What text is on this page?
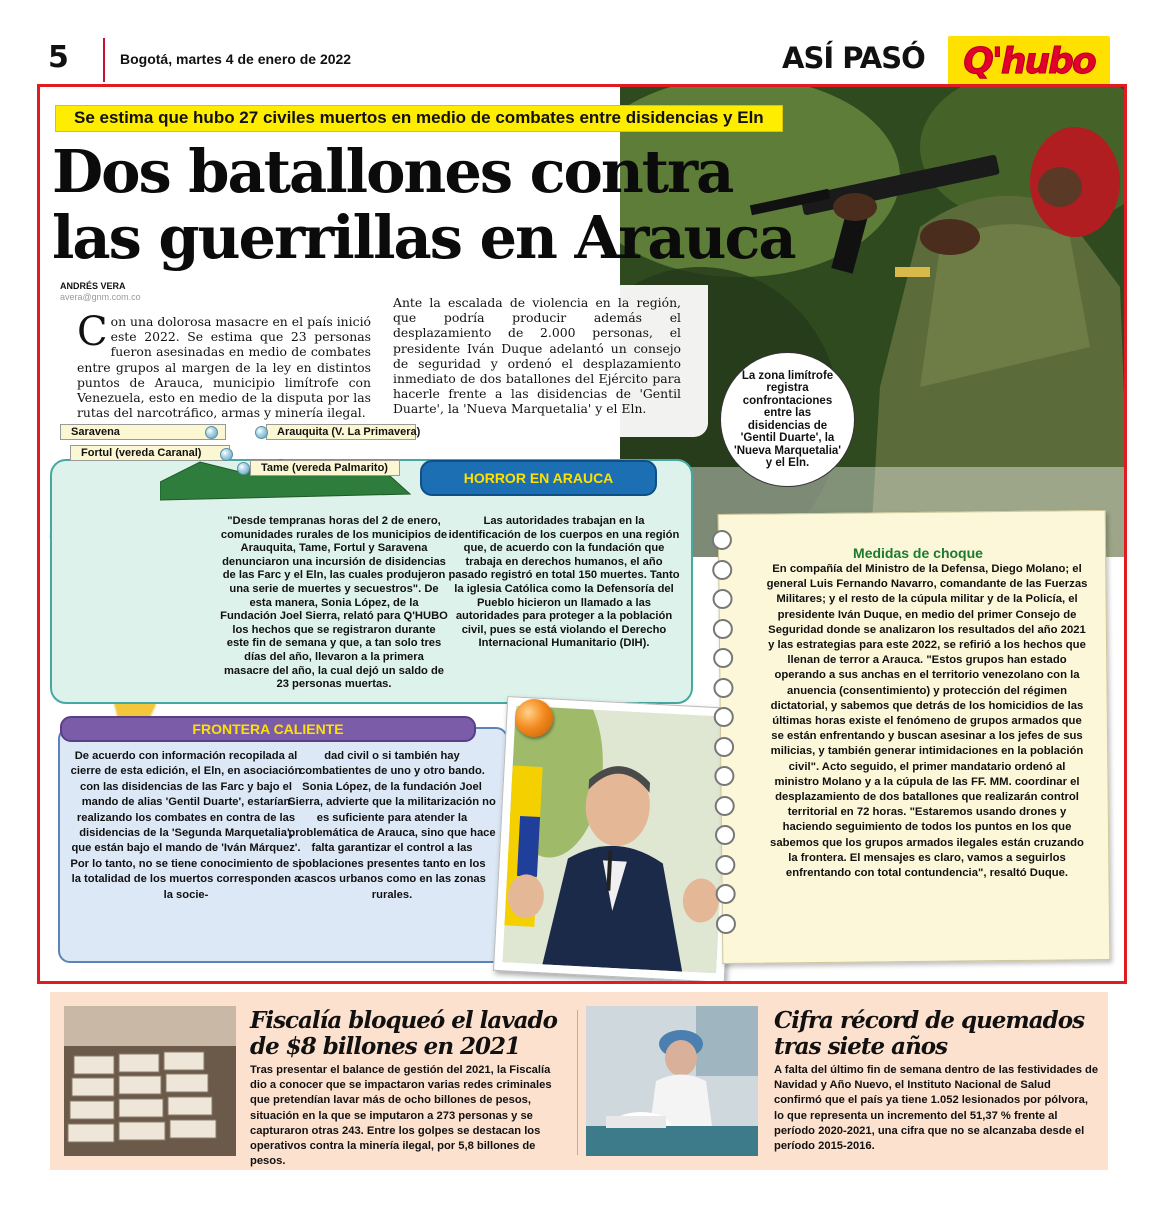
5	Bogotá, martes 4 de enero de 2022	ASÍ PASÓ Q'hubo
Se estima que hubo 27 civiles muertos en medio de combates entre disidencias y Eln
Dos batallones contra
las guerrillas en Arauca
ANDRÉS VERA
avera@gnm.com.co
Con una dolorosa masacre en el país inició este 2022. Se estima que 23 personas fueron asesinadas en medio de combates entre grupos al margen de la ley en distintos puntos de Arauca, municipio limítrofe con Venezuela, esto en medio de la disputa por las rutas del narcotráfico, armas y minería ilegal.
Ante la escalada de violencia en la región, que podría producir además el desplazamiento de 2.000 personas, el presidente Iván Duque adelantó un consejo de seguridad y ordenó el desplazamiento inmediato de dos batallones del Ejército para hacerle frente a las disidencias de 'Gentil Duarte', la 'Nueva Marquetalia' y el Eln.
La zona limítrofe registra confrontaciones entre las disidencias de 'Gentil Duarte', la 'Nueva Marquetalia' y el Eln.
HORROR EN ARAUCA
"Desde tempranas horas del 2 de enero, comunidades rurales de los municipios de Arauquita, Tame, Fortul y Saravena denunciaron una incursión de disidencias de las Farc y el Eln, las cuales produjeron una serie de muertes y secuestros". De esta manera, Sonia López, de la Fundación Joel Sierra, relató para Q'HUBO los hechos que se registraron durante este fin de semana y que, a tan solo tres días del año, llevaron a la primera masacre del año, la cual dejó un saldo de 23 personas muertas.
Las autoridades trabajan en la identificación de los cuerpos en una región que, de acuerdo con la fundación que trabaja en derechos humanos, el año pasado registró en total 150 muertes. Tanto la iglesia Católica como la Defensoría del Pueblo hicieron un llamado a las autoridades para proteger a la población civil, pues se está violando el Derecho Internacional Humanitario (DIH).
Saravena	Arauquita (V. La Primavera)
Fortul (vereda Caranal)
Tame (vereda Palmarito)
FRONTERA CALIENTE
De acuerdo con información recopilada al cierre de esta edición, el Eln, en asociación con las disidencias de las Farc y bajo el mando de alias 'Gentil Duarte', estarían realizando los combates en contra de las disidencias de la 'Segunda Marquetalia', que están bajo el mando de 'Iván Márquez'. Por lo tanto, no se tiene conocimiento de si la totalidad de los muertos corresponden a la socie-
dad civil o si también hay combatientes de uno y otro bando. Sonia López, de la fundación Joel Sierra, advierte que la militarización no es suficiente para atender la problemática de Arauca, sino que hace falta garantizar el control a las poblaciones presentes tanto en los cascos urbanos como en las zonas rurales.
Medidas de choque
En compañía del Ministro de la Defensa, Diego Molano; el general Luis Fernando Navarro, comandante de las Fuerzas Militares; y el resto de la cúpula militar y de la Policía, el presidente Iván Duque, en medio del primer Consejo de Seguridad donde se analizaron los resultados del año 2021 y las estrategias para este 2022, se refirió a los hechos que llenan de terror a Arauca. "Estos grupos han estado operando a sus anchas en el territorio venezolano con la anuencia (consentimiento) y protección del régimen dictatorial, y sabemos que detrás de los homicidios de las últimas horas existe el fenómeno de grupos armados que se están enfrentando y buscan asesinar a los jefes de sus milicias, y también generar intimidaciones en la población civil". Acto seguido, el primer mandatario ordenó al ministro Molano y a la cúpula de las FF. MM. coordinar el desplazamiento de dos batallones que realizarán control territorial en 72 horas. "Estaremos usando drones y haciendo seguimiento de todos los puntos en los que sabemos que los grupos armados ilegales están cruzando la frontera. El mensajes es claro, vamos a seguirlos enfrentando con total contundencia", resaltó Duque.
Fiscalía bloqueó el lavado de $8 billones en 2021
Tras presentar el balance de gestión del 2021, la Fiscalía dio a conocer que se impactaron varias redes criminales que pretendían lavar más de ocho billones de pesos, situación en la que se imputaron a 273 personas y se capturaron otras 243. Entre los golpes se destacan los operativos contra la minería ilegal, por 5,8 billones de pesos.
Cifra récord de quemados tras siete años
A falta del último fin de semana dentro de las festividades de Navidad y Año Nuevo, el Instituto Nacional de Salud confirmó que el país ya tiene 1.052 lesionados por pólvora, lo que representa un incremento del 51,37 % frente al período 2020-2021, una cifra que no se alcanzaba desde el período 2015-2016.
